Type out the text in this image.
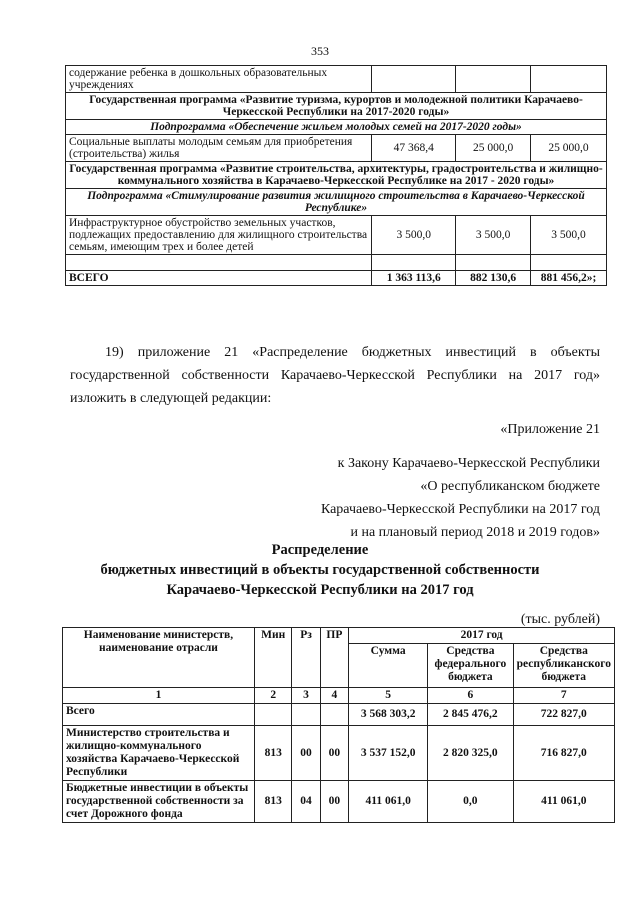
353
содержание ребенка в дошкольных образовательных учреждениях			
Государственная программа «Развитие туризма, курортов и молодежной политики Карачаево-Черкесской Республики на 2017-2020 годы»			
Подпрограмма «Обеспечение жильем молодых семей на 2017-2020 годы»			
Социальные выплаты молодым семьям для приобретения (строительства) жилья	47 368,4	25 000,0	25 000,0
Государственная программа «Развитие строительства, архитектуры, градостроительства и жилищно-коммунального хозяйства в Карачаево-Черкесской Республике на 2017 - 2020 годы»			
Подпрограмма «Стимулирование развития жилищного строительства в Карачаево-Черкесской Республике»			
Инфраструктурное обустройство земельных участков, подлежащих предоставлению для жилищного строительства семьям, имеющим трех и более детей	3 500,0	3 500,0	3 500,0

ВСЕГО	1 363 113,6	882 130,6	881 456,2»;
19) приложение 21 «Распределение бюджетных инвестиций в объекты государственной собственности Карачаево-Черкесской Республики на 2017 год» изложить в следующей редакции:
«Приложение 21
к Закону Карачаево-Черкесской Республики
«О республиканском бюджете
Карачаево-Черкесской Республики на 2017 год
и на плановый период 2018 и 2019 годов»
Распределение
бюджетных инвестиций в объекты государственной собственности
Карачаево-Черкесской Республики на 2017 год
(тыс. рублей)
Наименование министерств, наименование отрасли	Мин	Рз	ПР	2017 год		
				Сумма	Средства федерального бюджета	Средства республиканского бюджета
1	2	3	4	5	6	7
Всего				3 568 303,2	2 845 476,2	722 827,0
Министерство строительства и жилищно-коммунального хозяйства Карачаево-Черкесской Республики	813	00	00	3 537 152,0	2 820 325,0	716 827,0
Бюджетные инвестиции в объекты государственной собственности за счет Дорожного фонда	813	04	00	411 061,0	0,0	411 061,0
